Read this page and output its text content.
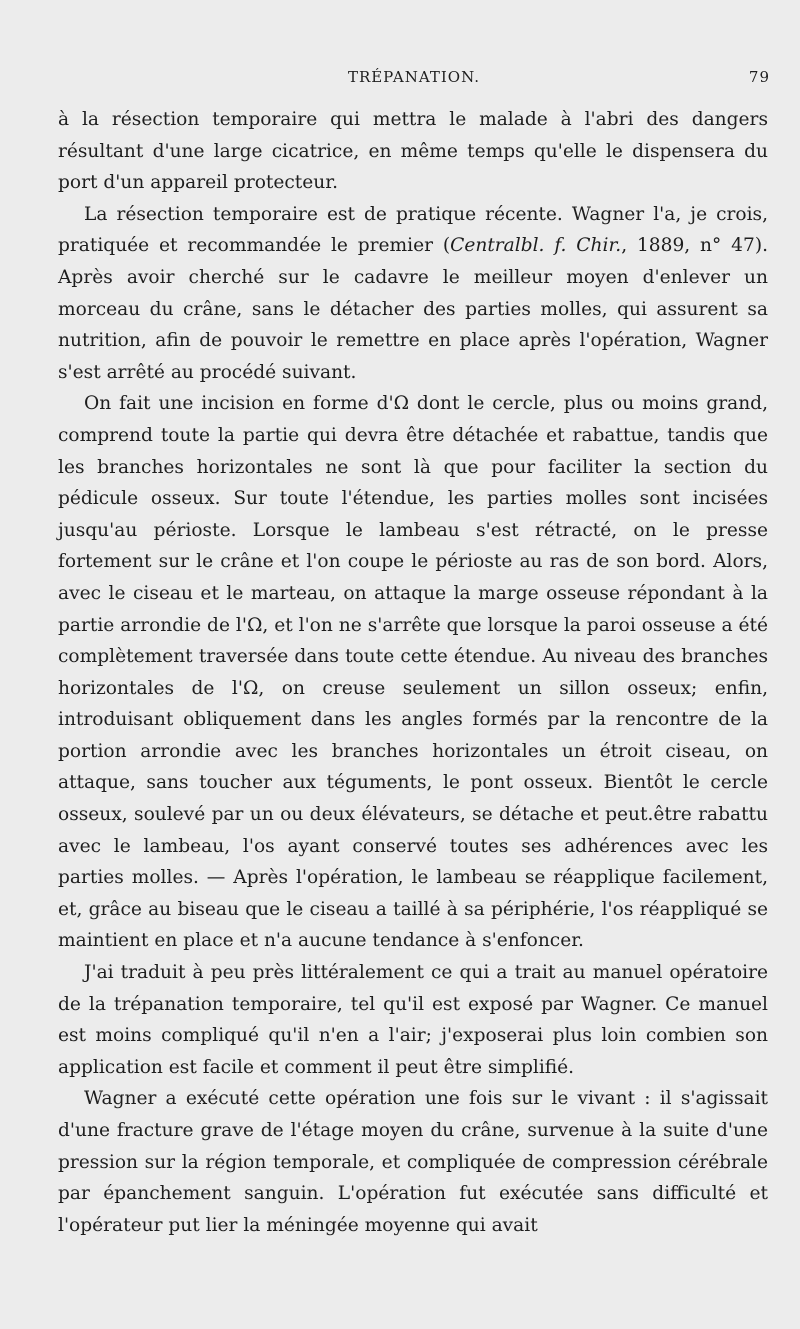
TRÉPANATION.	79

à la résection temporaire qui mettra le malade à l'abri des dangers résultant d'une large cicatrice, en même temps qu'elle le dispensera du port d'un appareil protecteur.

La résection temporaire est de pratique récente. Wagner l'a, je crois, pratiquée et recommandée le premier (Centralbl. f. Chir., 1889, n° 47). Après avoir cherché sur le cadavre le meilleur moyen d'enlever un morceau du crâne, sans le détacher des parties molles, qui assurent sa nutrition, afin de pouvoir le remettre en place après l'opération, Wagner s'est arrêté au procédé suivant.

On fait une incision en forme d'Ω dont le cercle, plus ou moins grand, comprend toute la partie qui devra être détachée et rabattue, tandis que les branches horizontales ne sont là que pour faciliter la section du pédicule osseux. Sur toute l'étendue, les parties molles sont incisées jusqu'au périoste. Lorsque le lambeau s'est rétracté, on le presse fortement sur le crâne et l'on coupe le périoste au ras de son bord. Alors, avec le ciseau et le marteau, on attaque la marge osseuse répondant à la partie arrondie de l'Ω, et l'on ne s'arrête que lorsque la paroi osseuse a été complètement traversée dans toute cette étendue. Au niveau des branches horizontales de l'Ω, on creuse seulement un sillon osseux; enfin, introduisant obliquement dans les angles formés par la rencontre de la portion arrondie avec les branches horizontales un étroit ciseau, on attaque, sans toucher aux téguments, le pont osseux. Bientôt le cercle osseux, soulevé par un ou deux élévateurs, se détache et peut.être rabattu avec le lambeau, l'os ayant conservé toutes ses adhérences avec les parties molles. — Après l'opération, le lambeau se réapplique facilement, et, grâce au biseau que le ciseau a taillé à sa périphérie, l'os réappliqué se maintient en place et n'a aucune tendance à s'enfoncer.

J'ai traduit à peu près littéralement ce qui a trait au manuel opératoire de la trépanation temporaire, tel qu'il est exposé par Wagner. Ce manuel est moins compliqué qu'il n'en a l'air; j'exposerai plus loin combien son application est facile et comment il peut être simplifié.

Wagner a exécuté cette opération une fois sur le vivant : il s'agissait d'une fracture grave de l'étage moyen du crâne, survenue à la suite d'une pression sur la région temporale, et compliquée de compression cérébrale par épanchement sanguin. L'opération fut exécutée sans difficulté et l'opérateur put lier la méningée moyenne qui avait
